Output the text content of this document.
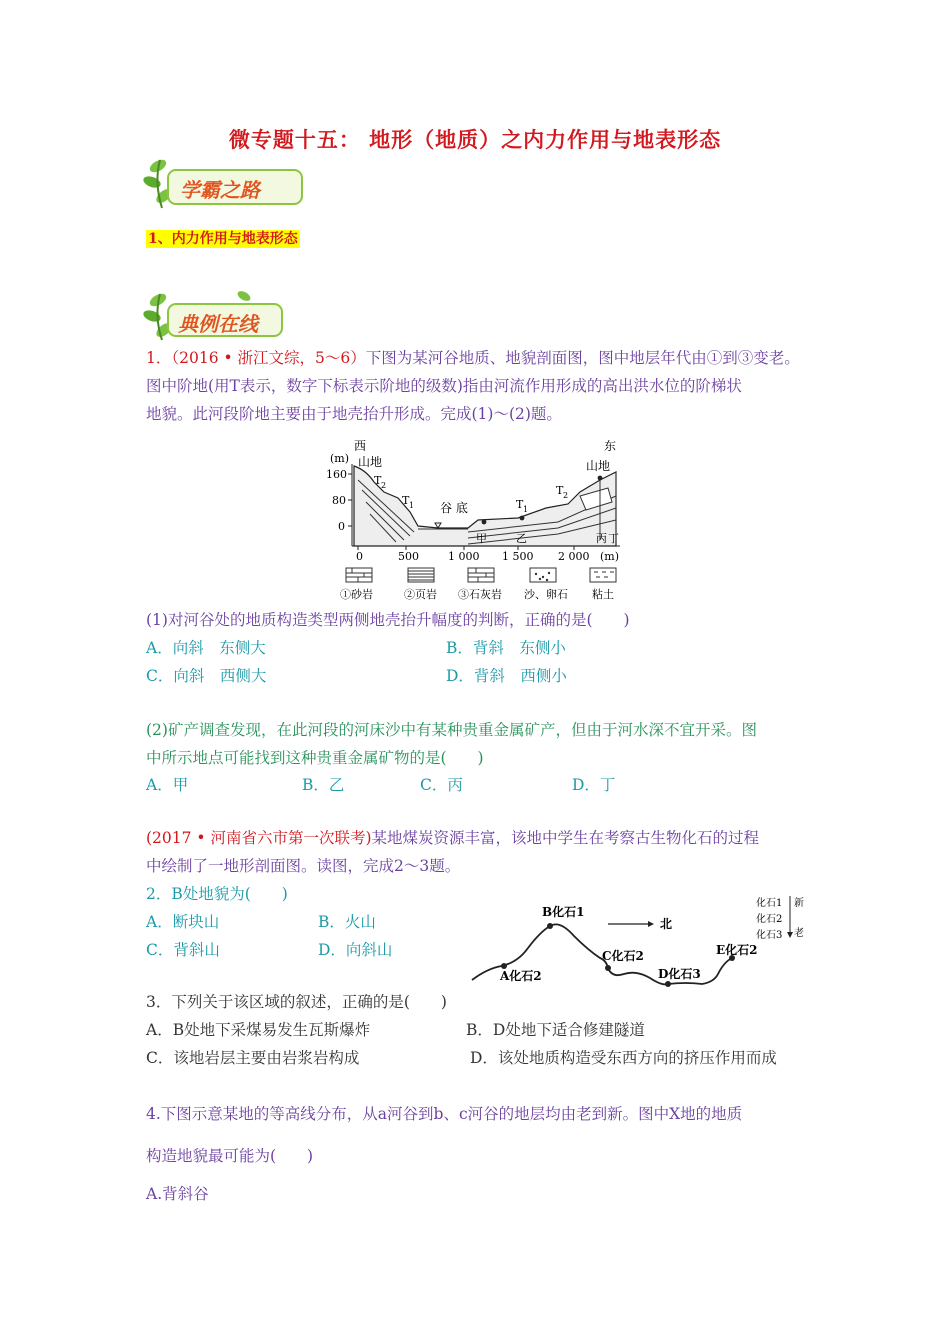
微专题十五： 地形（地质）之内力作用与地表形态
学霸之路
1、内力作用与地表形态
典例在线
1．（2016 • 浙江文综，5～6）下图为某河谷地质、地貌剖面图，图中地层年代由①到③变老。
图中阶地(用T表示，数字下标表示阶地的级数)指由河流作用形成的高出洪水位的阶梯状
地貌。此河段阶地主要由于地壳抬升形成。完成(1)～(2)题。
西
(m) 山地
160
80
0
T 2
T 1 谷 底	T 1
T 2
东
山地
甲	乙	丙 丁
0	500	1 000 1 500 2 000 (m)
①砂岩	②页岩 ③石灰岩 沙、卵石 粘土
(1)对河谷处的地质构造类型两侧地壳抬升幅度的判断，正确的是(　　)
A．向斜　东侧大	B．背斜　东侧小
C．向斜　西侧大	D．背斜　西侧小
(2)矿产调查发现，在此河段的河床沙中有某种贵重金属矿产，但由于河水深不宜开采。图
中所示地点可能找到这种贵重金属矿物的是(　　)
A．甲	B．乙	C．丙	D．丁
(2017 • 河南省六市第一次联考)某地煤炭资源丰富，该地中学生在考察古生物化石的过程
中绘制了一地形剖面图。读图，完成2～3题。
2．B处地貌为(　　)
A．断块山	B．火山
C．背斜山	D．向斜山
B化石1
A化石2
C化石2
D化石3
E化石2
北
化石1
化石2
化石3
新
老
3．下列关于该区域的叙述，正确的是(　　)
A．B处地下采煤易发生瓦斯爆炸	B．D处地下适合修建隧道
C．该地岩层主要由岩浆岩构成	D．该处地质构造受东西方向的挤压作用而成
4.下图示意某地的等高线分布，从a河谷到b、c河谷的地层均由老到新。图中X地的地质
构造地貌最可能为(　　)
A.背斜谷
